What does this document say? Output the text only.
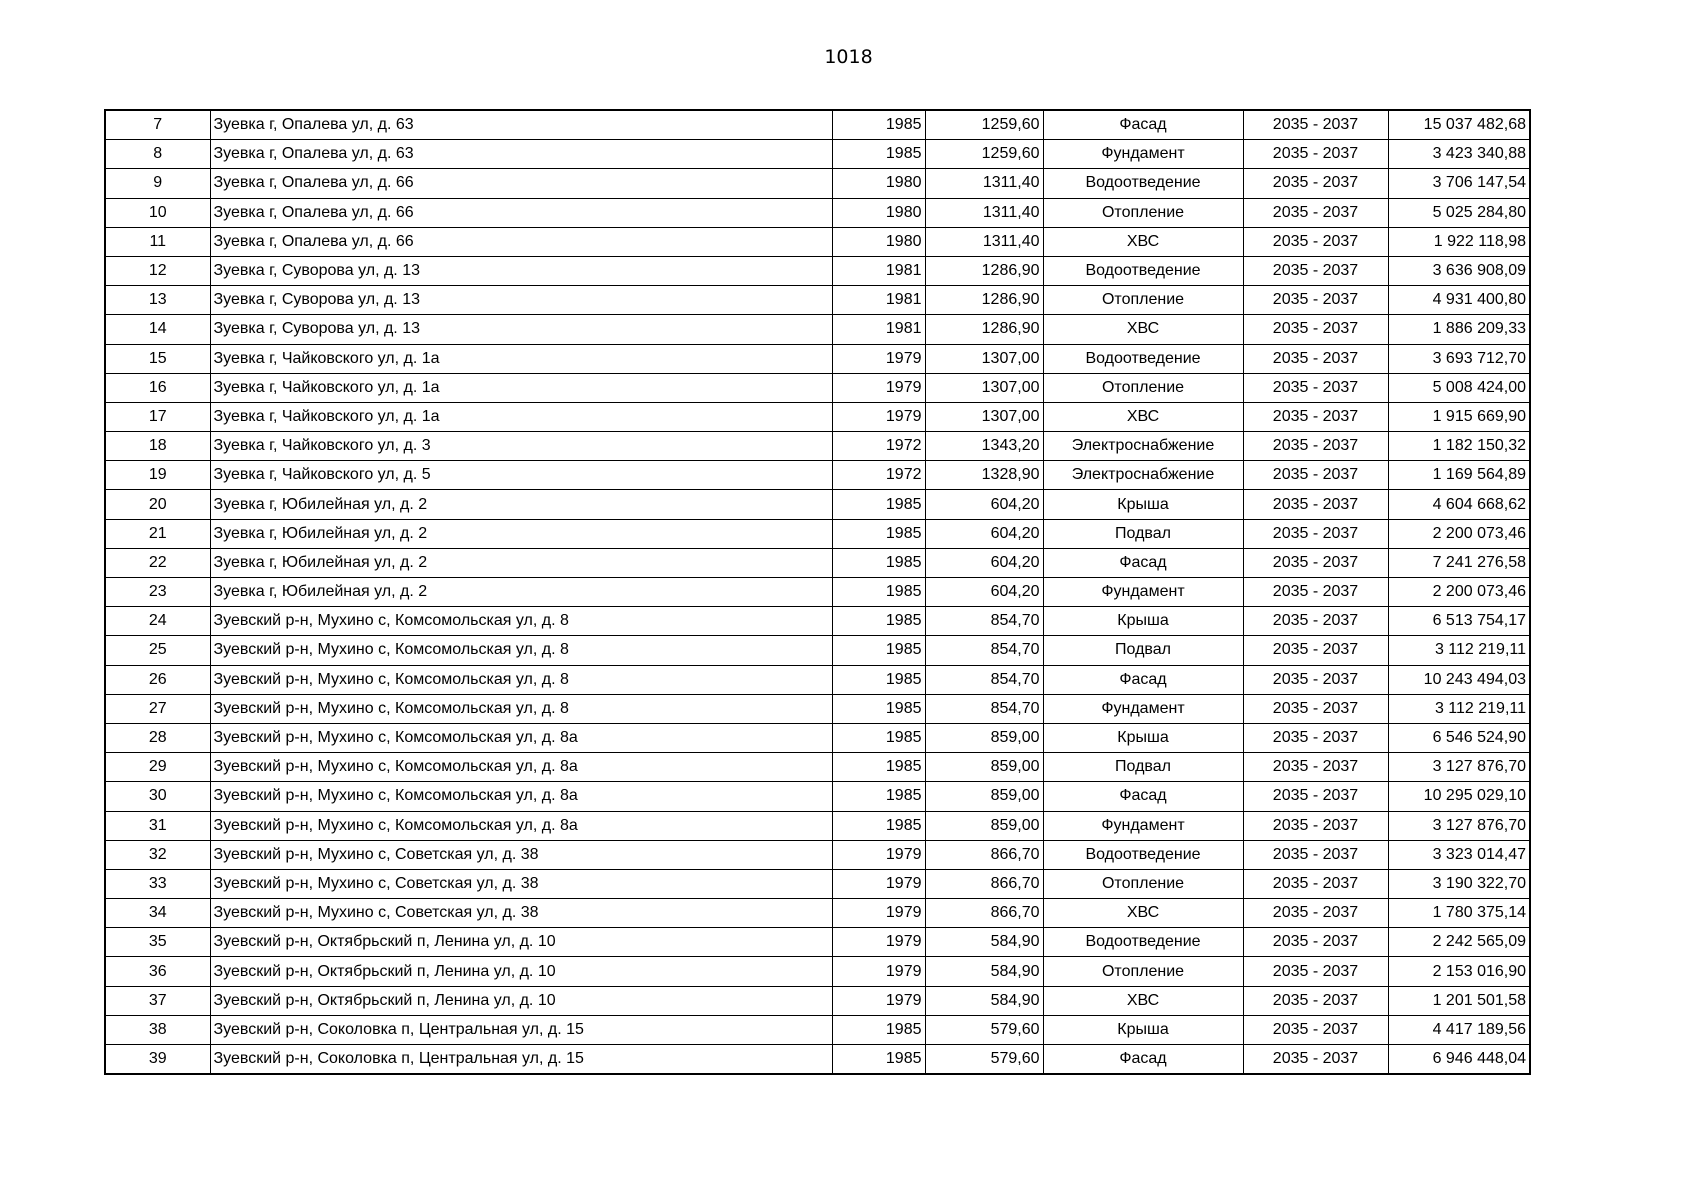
1018
7	Зуевка г, Опалева ул, д. 63	1985	1259,60	Фасад	2035 - 2037	15 037 482,68
8	Зуевка г, Опалева ул, д. 63	1985	1259,60	Фундамент	2035 - 2037	3 423 340,88
9	Зуевка г, Опалева ул, д. 66	1980	1311,40	Водоотведение	2035 - 2037	3 706 147,54
10	Зуевка г, Опалева ул, д. 66	1980	1311,40	Отопление	2035 - 2037	5 025 284,80
11	Зуевка г, Опалева ул, д. 66	1980	1311,40	ХВС	2035 - 2037	1 922 118,98
12	Зуевка г, Суворова ул, д. 13	1981	1286,90	Водоотведение	2035 - 2037	3 636 908,09
13	Зуевка г, Суворова ул, д. 13	1981	1286,90	Отопление	2035 - 2037	4 931 400,80
14	Зуевка г, Суворова ул, д. 13	1981	1286,90	ХВС	2035 - 2037	1 886 209,33
15	Зуевка г, Чайковского ул, д. 1а	1979	1307,00	Водоотведение	2035 - 2037	3 693 712,70
16	Зуевка г, Чайковского ул, д. 1а	1979	1307,00	Отопление	2035 - 2037	5 008 424,00
17	Зуевка г, Чайковского ул, д. 1а	1979	1307,00	ХВС	2035 - 2037	1 915 669,90
18	Зуевка г, Чайковского ул, д. 3	1972	1343,20	Электроснабжение	2035 - 2037	1 182 150,32
19	Зуевка г, Чайковского ул, д. 5	1972	1328,90	Электроснабжение	2035 - 2037	1 169 564,89
20	Зуевка г, Юбилейная ул, д. 2	1985	604,20	Крыша	2035 - 2037	4 604 668,62
21	Зуевка г, Юбилейная ул, д. 2	1985	604,20	Подвал	2035 - 2037	2 200 073,46
22	Зуевка г, Юбилейная ул, д. 2	1985	604,20	Фасад	2035 - 2037	7 241 276,58
23	Зуевка г, Юбилейная ул, д. 2	1985	604,20	Фундамент	2035 - 2037	2 200 073,46
24	Зуевский р-н, Мухино с, Комсомольская ул, д. 8	1985	854,70	Крыша	2035 - 2037	6 513 754,17
25	Зуевский р-н, Мухино с, Комсомольская ул, д. 8	1985	854,70	Подвал	2035 - 2037	3 112 219,11
26	Зуевский р-н, Мухино с, Комсомольская ул, д. 8	1985	854,70	Фасад	2035 - 2037	10 243 494,03
27	Зуевский р-н, Мухино с, Комсомольская ул, д. 8	1985	854,70	Фундамент	2035 - 2037	3 112 219,11
28	Зуевский р-н, Мухино с, Комсомольская ул, д. 8а	1985	859,00	Крыша	2035 - 2037	6 546 524,90
29	Зуевский р-н, Мухино с, Комсомольская ул, д. 8а	1985	859,00	Подвал	2035 - 2037	3 127 876,70
30	Зуевский р-н, Мухино с, Комсомольская ул, д. 8а	1985	859,00	Фасад	2035 - 2037	10 295 029,10
31	Зуевский р-н, Мухино с, Комсомольская ул, д. 8а	1985	859,00	Фундамент	2035 - 2037	3 127 876,70
32	Зуевский р-н, Мухино с, Советская ул, д. 38	1979	866,70	Водоотведение	2035 - 2037	3 323 014,47
33	Зуевский р-н, Мухино с, Советская ул, д. 38	1979	866,70	Отопление	2035 - 2037	3 190 322,70
34	Зуевский р-н, Мухино с, Советская ул, д. 38	1979	866,70	ХВС	2035 - 2037	1 780 375,14
35	Зуевский р-н, Октябрьский п, Ленина ул, д. 10	1979	584,90	Водоотведение	2035 - 2037	2 242 565,09
36	Зуевский р-н, Октябрьский п, Ленина ул, д. 10	1979	584,90	Отопление	2035 - 2037	2 153 016,90
37	Зуевский р-н, Октябрьский п, Ленина ул, д. 10	1979	584,90	ХВС	2035 - 2037	1 201 501,58
38	Зуевский р-н, Соколовка п, Центральная ул, д. 15	1985	579,60	Крыша	2035 - 2037	4 417 189,56
39	Зуевский р-н, Соколовка п, Центральная ул, д. 15	1985	579,60	Фасад	2035 - 2037	6 946 448,04
